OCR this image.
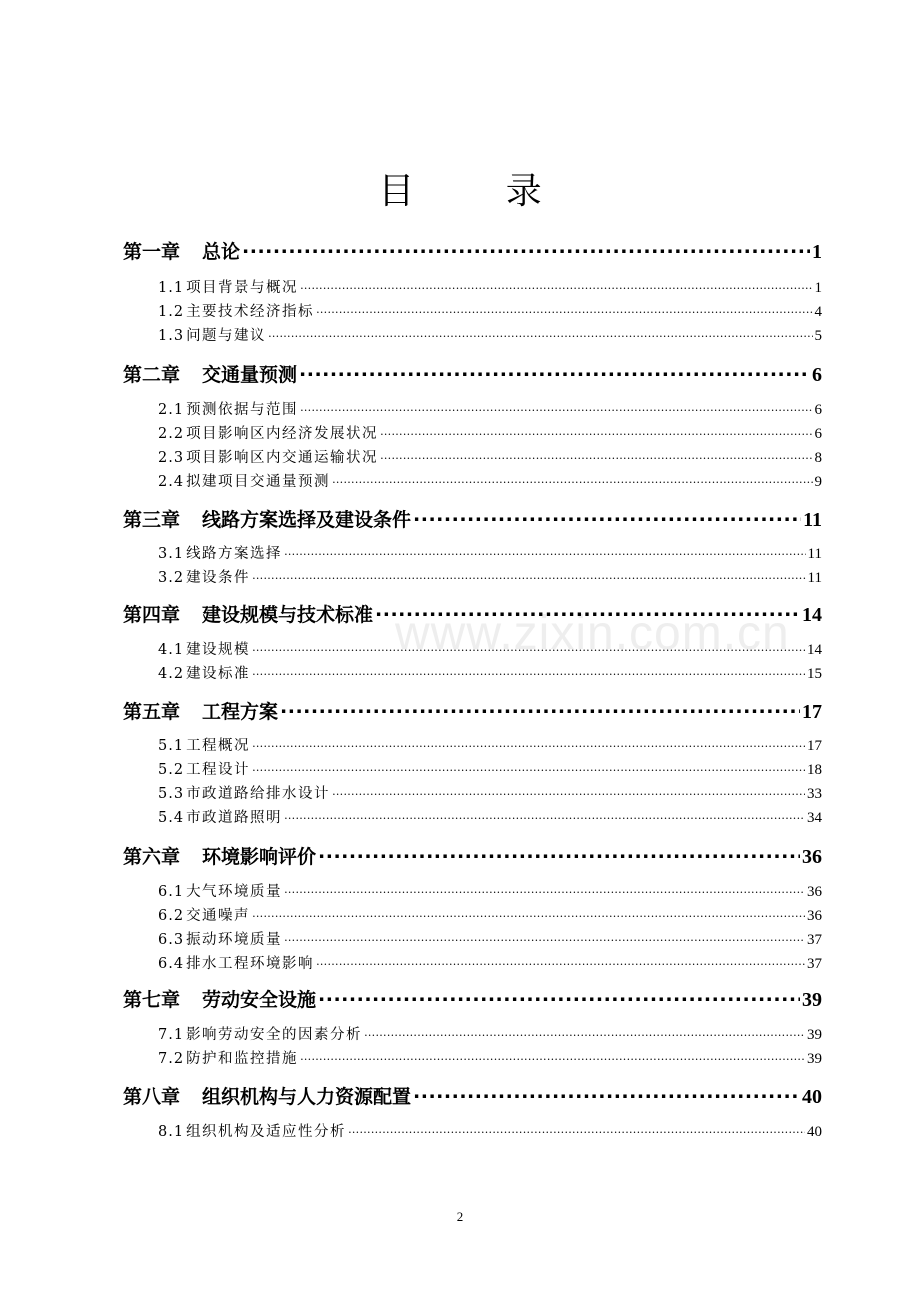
www.zixin.com.cn
目 录
第一章 总论 .....	1
1.1 项目背景与概况 .....	1
1.2 主要技术经济指标 .....	4
1.3 问题与建议 .....	5
第二章 交通量预测 .....	6
2.1 预测依据与范围 .....	6
2.2 项目影响区内经济发展状况 .....	6
2.3 项目影响区内交通运输状况 .....	8
2.4 拟建项目交通量预测 .....	9
第三章 线路方案选择及建设条件 .....	11
3.1 线路方案选择 .....	11
3.2 建设条件 .....	11
第四章 建设规模与技术标准 .....	14
4.1 建设规模 .....	14
4.2 建设标准 .....	15
第五章 工程方案 .....	17
5.1 工程概况 .....	17
5.2 工程设计 .....	18
5.3 市政道路给排水设计 .....	33
5.4 市政道路照明 .....	34
第六章 环境影响评价 .....	36
6.1 大气环境质量 .....	36
6.2 交通噪声 .....	36
6.3 振动环境质量 .....	37
6.4 排水工程环境影响 .....	37
第七章 劳动安全设施 .....	39
7.1 影响劳动安全的因素分析 .....	39
7.2 防护和监控措施 .....	39
第八章 组织机构与人力资源配置 .....	40
8.1 组织机构及适应性分析 .....	40
2
